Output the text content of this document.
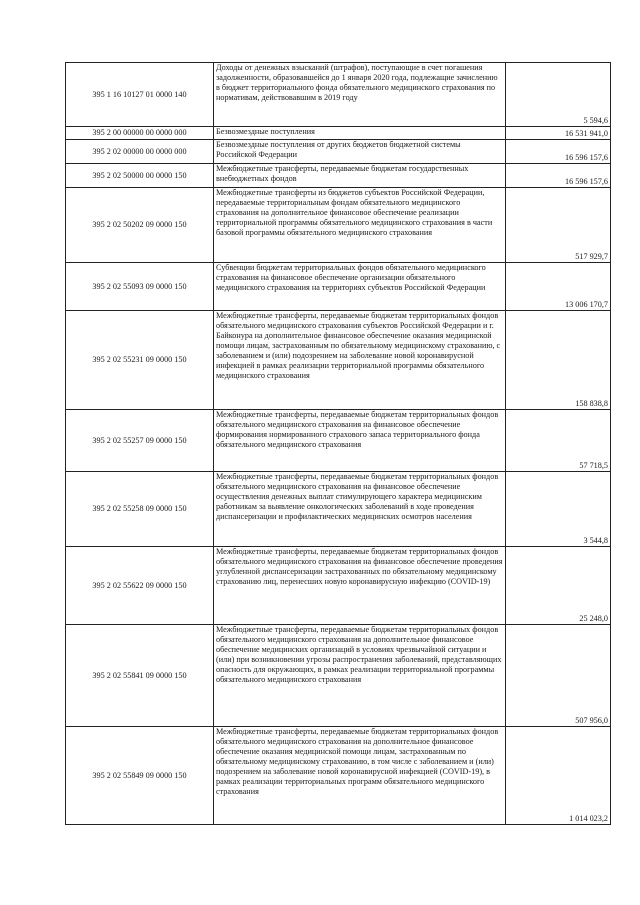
395 1 16 10127 01 0000 140	Доходы от денежных взысканий (штрафов), поступающие в счет погашения задолженности, образовавшейся до 1 января 2020 года, подлежащие зачислению в бюджет территориального фонда обязательного медицинского страхования по нормативам, действовавшим в 2019 году	5 594,6
395 2 00 00000 00 0000 000	Безвозмездные поступления	16 531 941,0
395 2 02 00000 00 0000 000	Безвозмездные поступления от других бюджетов бюджетной системы Российской Федерации	16 596 157,6
395 2 02 50000 00 0000 150	Межбюджетные трансферты, передаваемые бюджетам государственных внебюджетных фондов	16 596 157,6
395 2 02 50202 09 0000 150	Межбюджетные трансферты из бюджетов субъектов Российской Федерации, передаваемые территориальным фондам обязательного медицинского страхования на дополнительное финансовое обеспечение реализации территориальной программы обязательного медицинского страхования в части базовой программы обязательного медицинского страхования	517 929,7
395 2 02 55093 09 0000 150	Субвенции бюджетам территориальных фондов обязательного медицинского страхования на финансовое обеспечение организации обязательного медицинского страхования на территориях субъектов Российской Федерации	13 006 170,7
395 2 02 55231 09 0000 150	Межбюджетные трансферты, передаваемые бюджетам территориальных фондов обязательного медицинского страхования субъектов Российской Федерации и г. Байконура на дополнительное финансовое обеспечение оказания медицинской помощи лицам, застрахованным по обязательному медицинскому страхованию, с заболеванием и (или) подозрением на заболевание новой коронавирусной инфекцией в рамках реализации территориальной программы обязательного медицинского страхования	158 838,8
395 2 02 55257 09 0000 150	Межбюджетные трансферты, передаваемые бюджетам территориальных фондов обязательного медицинского страхования на финансовое обеспечение формирования нормированного страхового запаса территориального фонда обязательного медицинского страхования	57 718,5
395 2 02 55258 09 0000 150	Межбюджетные трансферты, передаваемые бюджетам территориальных фондов обязательного медицинского страхования на финансовое обеспечение осуществления денежных выплат стимулирующего характера медицинским работникам за выявление онкологических заболеваний в ходе проведения диспансеризации и профилактических медицинских осмотров населения	3 544,8
395 2 02 55622 09 0000 150	Межбюджетные трансферты, передаваемые бюджетам территориальных фондов обязательного медицинского страхования на финансовое обеспечение проведения углубленной диспансеризации застрахованных по обязательному медицинскому страхованию лиц, перенесших новую коронавирусную инфекцию (COVID-19)	25 248,0
395 2 02 55841 09 0000 150	Межбюджетные трансферты, передаваемые бюджетам территориальных фондов обязательного медицинского страхования на дополнительное финансовое обеспечение медицинских организаций в условиях чрезвычайной ситуации и (или) при возникновении угрозы распространения заболеваний, представляющих опасность для окружающих, в рамках реализации территориальной программы обязательного медицинского страхования	507 956,0
395 2 02 55849 09 0000 150	Межбюджетные трансферты, передаваемые бюджетам территориальных фондов обязательного медицинского страхования на дополнительное финансовое обеспечение оказания медицинской помощи лицам, застрахованным по обязательному медицинскому страхованию, в том числе с заболеванием и (или) подозрением на заболевание новой коронавирусной инфекцией (COVID-19), в рамках реализации территориальных программ обязательного медицинского страхования	1 014 023,2
